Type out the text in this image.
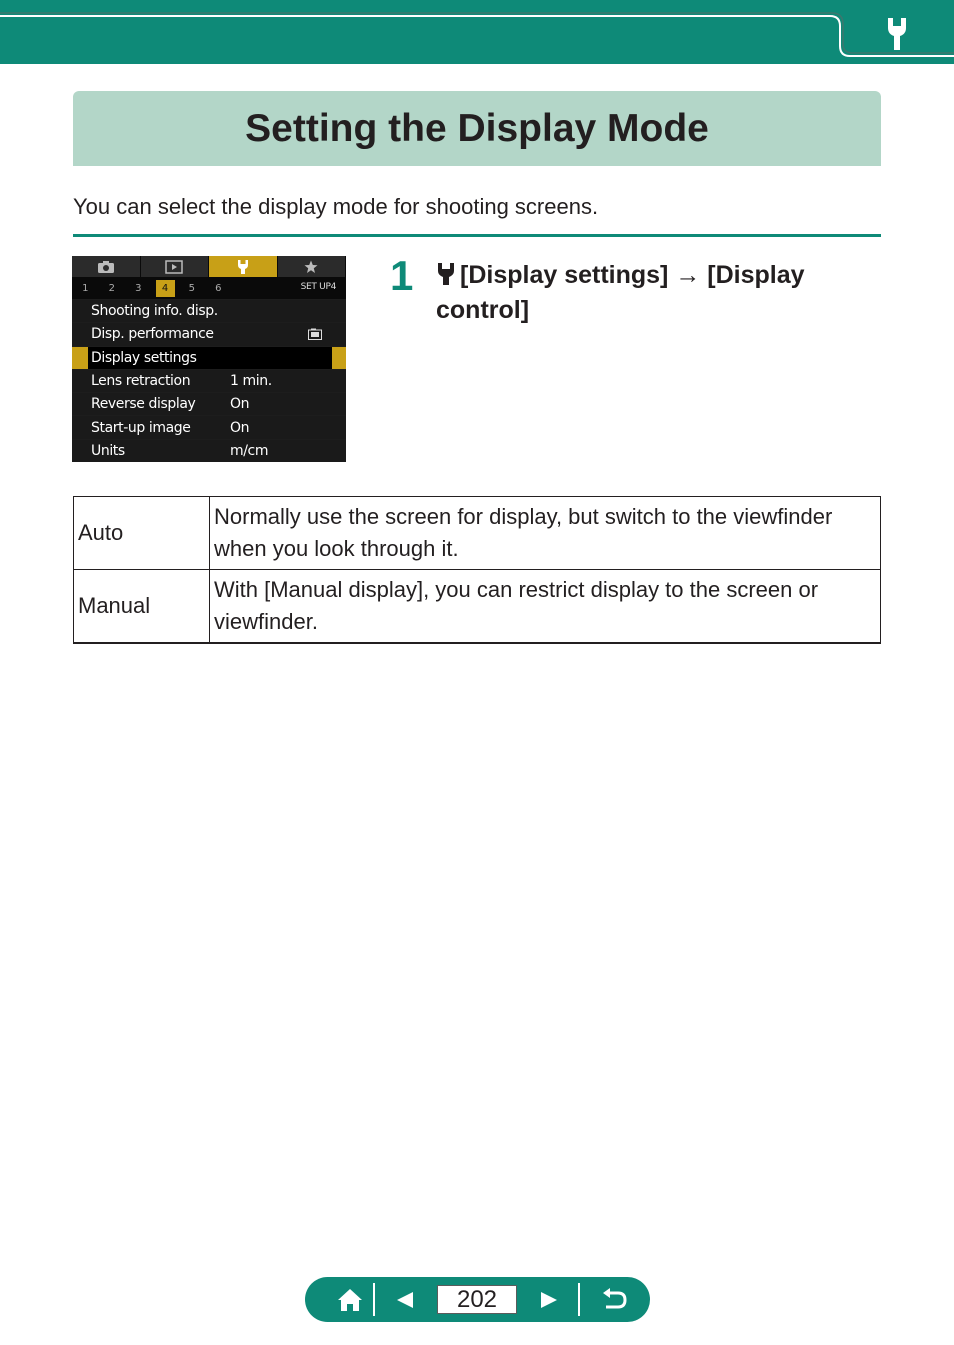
Setting the Display Mode
You can select the display mode for shooting screens.
1	2	3	4	5	6	SET UP4
Shooting info. disp.
Disp. performance
Display settings
Lens retraction	1 min.
Reverse display On
Start-up image	On
Units	m/cm
1	[Display settings] → [Display control]
Auto	Normally use the screen for display, but switch to the viewfinder when you look through it.
Manual	With [Manual display], you can restrict display to the screen or viewfinder.
202
